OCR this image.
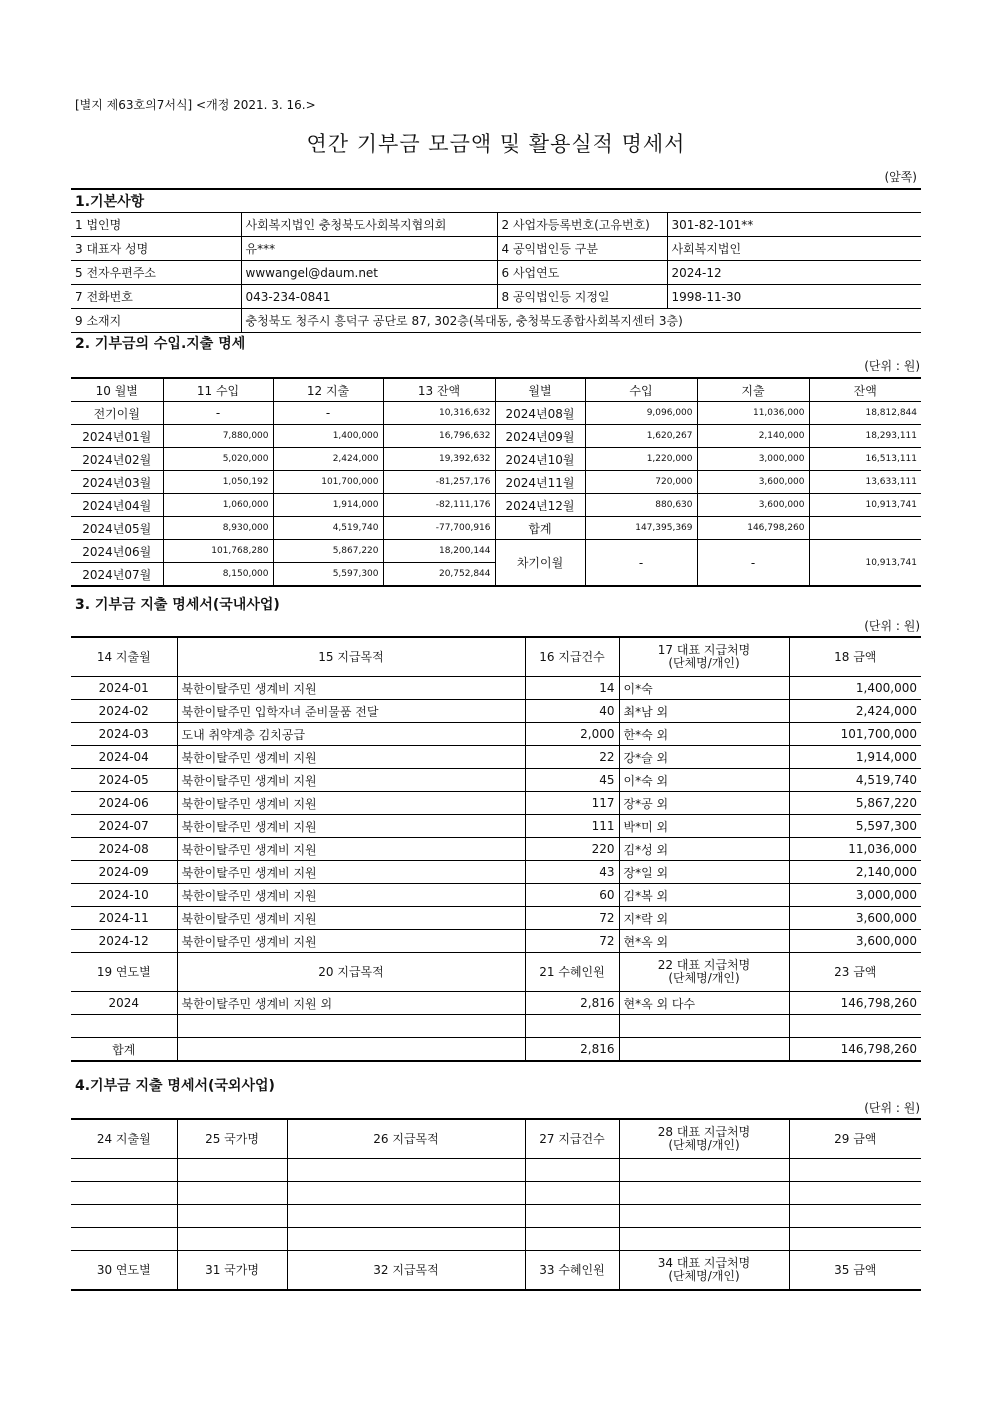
[별지 제63호의7서식] <개정 2021. 3. 16.>
연간 기부금 모금액 및 활용실적 명세서
(앞쪽)
1.기본사항			
1 법인명	사회복지법인 충청북도사회복지협의회	2 사업자등록번호(고유번호)	301-82-101**
3 대표자 성명	유***	4 공익법인등 구분	사회복지법인
5 전자우편주소	wwwangel@daum.net	6 사업연도	2024-12
7 전화번호	043-234-0841	8 공익법인등 지정일	1998-11-30
9 소재지	충청북도 청주시 흥덕구 공단로 87, 302층(복대동, 충청북도종합사회복지센터 3층)		
2. 기부금의 수입.지출 명세
(단위 : 원)
10 월별	11 수입	12 지출	13 잔액	월별	수입	지출	잔액
전기이월	-	-	10,316,632	2024년08월	9,096,000	11,036,000	18,812,844
2024년01월	7,880,000	1,400,000	16,796,632	2024년09월	1,620,267	2,140,000	18,293,111
2024년02월	5,020,000	2,424,000	19,392,632	2024년10월	1,220,000	3,000,000	16,513,111
2024년03월	1,050,192	101,700,000	-81,257,176	2024년11월	720,000	3,600,000	13,633,111
2024년04월	1,060,000	1,914,000	-82,111,176	2024년12월	880,630	3,600,000	10,913,741
2024년05월	8,930,000	4,519,740	-77,700,916	합계	147,395,369	146,798,260	
2024년06월	101,768,280	5,867,220	18,200,144	차기이월	-	-	10,913,741
2024년07월	8,150,000	5,597,300	20,752,844				
3. 기부금 지출 명세서(국내사업)
(단위 : 원)
14 지출월	15 지급목적	16 지급건수	17 대표 지급처명
(단체명/개인)	18 금액
2024-01	북한이탈주민 생계비 지원	14	이*숙	1,400,000
2024-02	북한이탈주민 입학자녀 준비물품 전달	40	최*남 외	2,424,000
2024-03	도내 취약계층 김치공급	2,000	한*숙 외	101,700,000
2024-04	북한이탈주민 생계비 지원	22	강*슬 외	1,914,000
2024-05	북한이탈주민 생계비 지원	45	이*숙 외	4,519,740
2024-06	북한이탈주민 생계비 지원	117	장*공 외	5,867,220
2024-07	북한이탈주민 생계비 지원	111	박*미 외	5,597,300
2024-08	북한이탈주민 생계비 지원	220	김*성 외	11,036,000
2024-09	북한이탈주민 생계비 지원	43	장*일 외	2,140,000
2024-10	북한이탈주민 생계비 지원	60	김*복 외	3,000,000
2024-11	북한이탈주민 생계비 지원	72	지*락 외	3,600,000
2024-12	북한이탈주민 생계비 지원	72	현*옥 외	3,600,000
19 연도별	20 지급목적	21 수혜인원	22 대표 지급처명
(단체명/개인)	23 금액
2024	북한이탈주민 생계비 지원 외	2,816	현*옥 외 다수	146,798,260

합계		2,816		146,798,260
4.기부금 지출 명세서(국외사업)
(단위 : 원)
24 지출월	25 국가명	26 지급목적	27 지급건수	28 대표 지급처명
(단체명/개인)	29 금액

30 연도별	31 국가명	32 지급목적	33 수혜인원	34 대표 지급처명
(단체명/개인)	35 금액
